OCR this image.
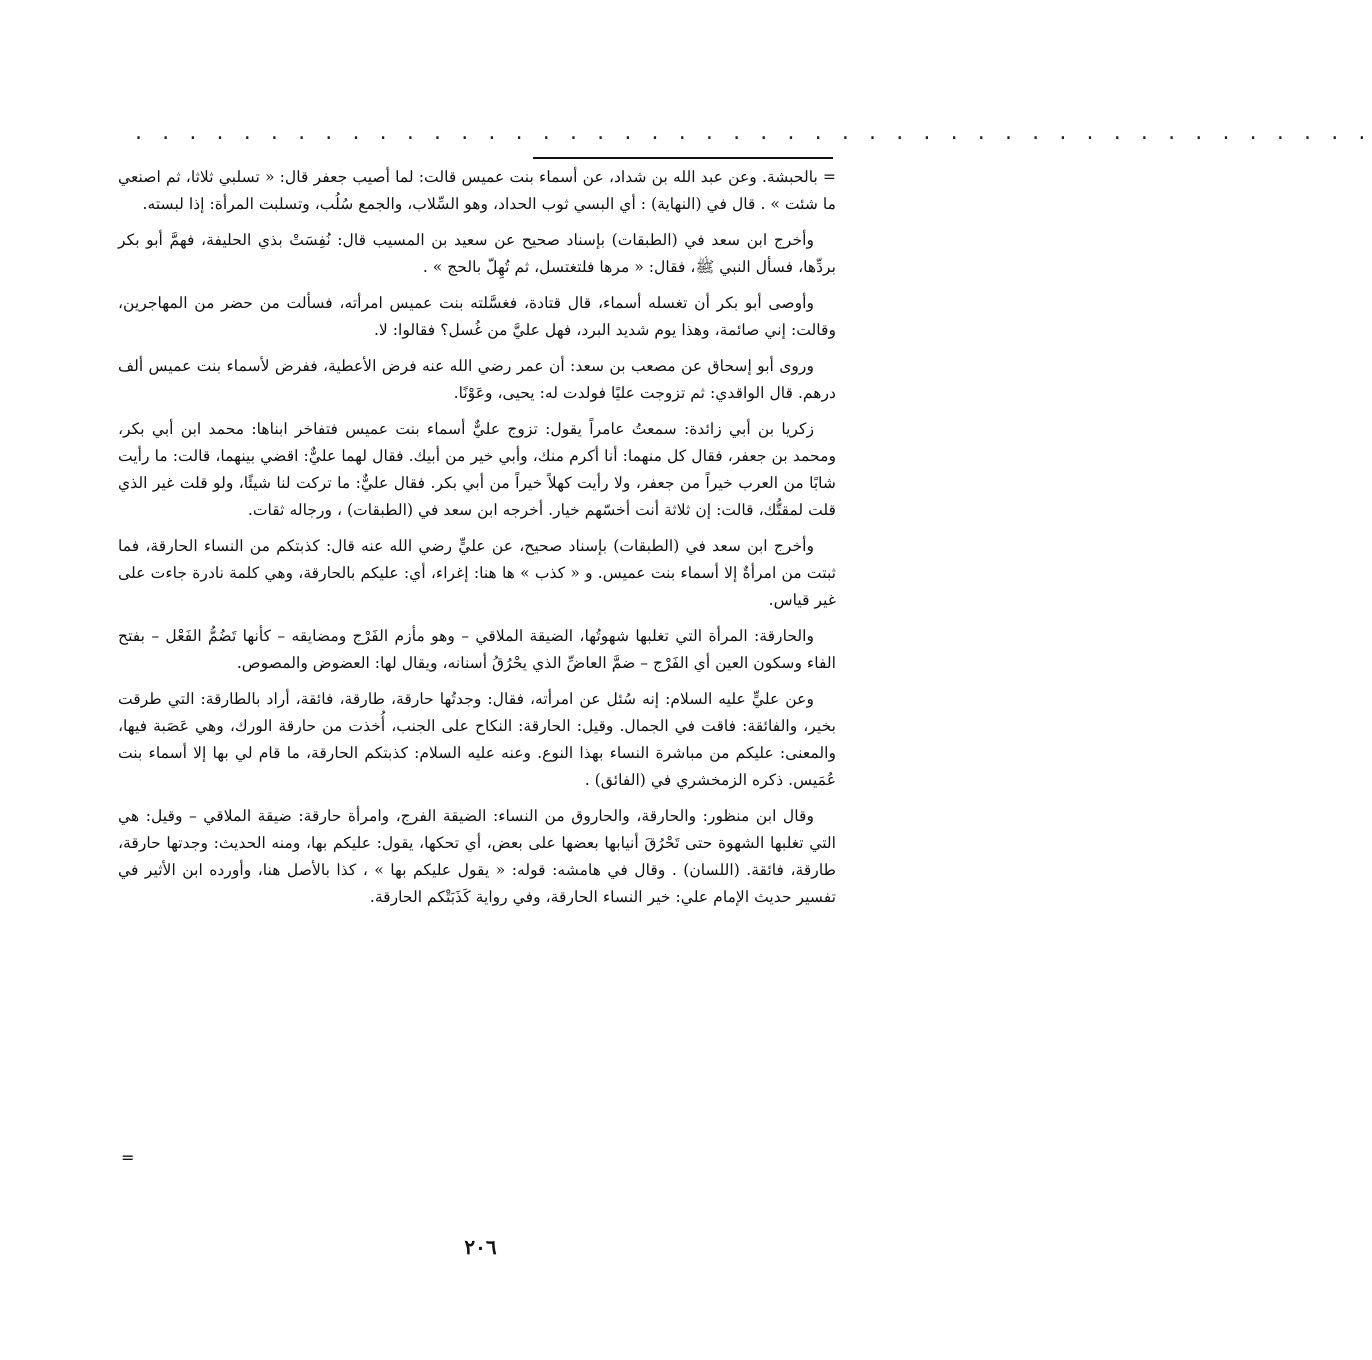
. . . . . . . . . . . . . . . . . . . . . . . . . . . . . . . . . . . . . . . . . . . . . .

= بالحبشة. وعن عبد الله بن شداد، عن أسماء بنت عميس قالت: لما أصيب جعفر قال: « تسلبي ثلاثا، ثم اصنعي ما شئت » . قال في (النهاية) : أي البسي ثوب الحداد، وهو السِّلاب، والجمع سُلُب، وتسلبت المرأة: إذا لبسته.

وأخرج ابن سعد في (الطبقات) بإسناد صحيح عن سعيد بن المسيب قال: نُفِسَتْ بذي الحليفة، فهمَّ أبو بكر بردِّها، فسأل النبي ﷺ، فقال: « مرها فلتغتسل، ثم تُهِلّ بالحج » .

وأوصى أبو بكر أن تغسله أسماء، قال قتادة، فغسَّلته بنت عميس امرأته، فسألت من حضر من المهاجرين، وقالت: إني صائمة، وهذا يوم شديد البرد، فهل عليَّ من غُسل؟ فقالوا: لا.

وروى أبو إسحاق عن مصعب بن سعد: أن عمر رضي الله عنه فرض الأعطية، ففرض لأسماء بنت عميس ألف درهم. قال الواقدي: ثم تزوجت عليًا فولدت له: يحيى، وعَوْنًا.

زكريا بن أبي زائدة: سمعتُ عامراً يقول: تزوج عليٌّ أسماء بنت عميس فتفاخر ابناها: محمد ابن أبي بكر، ومحمد بن جعفر، فقال كل منهما: أنا أكرم منك، وأبي خير من أبيك. فقال لهما عليٌّ: اقضي بينهما، قالت: ما رأيت شابًا من العرب خيراً من جعفر، ولا رأيت كهلاً خيراً من أبي بكر. فقال عليٌّ: ما تركت لنا شيئًا، ولو قلت غير الذي قلت لمقتُّك، قالت: إن ثلاثة أنت أخسّهم خيار. أخرجه ابن سعد في (الطبقات) ، ورجاله ثقات.

وأخرج ابن سعد في (الطبقات) بإسناد صحيح، عن عليٍّ رضي الله عنه قال: كذبتكم من النساء الحارقة، فما ثبتت من امرأةٌ إلا أسماء بنت عميس. و « كذب » ها هنا: إغراء، أي: عليكم بالحارقة، وهي كلمة نادرة جاءت على غير قياس.

والحارقة: المرأة التي تغلبها شهوتُها، الضيقة الملاقي – وهو مأزم الفَرْج ومضايقه – كأنها تَضُمُّ الفَعْل – بفتح الفاء وسكون العين أي الفَرْج – ضمَّ العاضِّ الذي يحْرُقُ أسنانه، ويقال لها: العضوض والمصوص.

وعن عليٍّ عليه السلام: إنه سُئل عن امرأته، فقال: وجدتُها حارقة، طارقة، فائقة، أراد بالطارقة: التي طرقت بخير، والفائقة: فاقت في الجمال. وقيل: الحارقة: النكاح على الجنب، أُخذت من حارقة الورك، وهي عَصَبة فيها، والمعنى: عليكم من مباشرة النساء بهذا النوع. وعنه عليه السلام: كذبتكم الحارقة، ما قام لي بها إلا أسماء بنت عُمَيس. ذكره الزمخشري في (الفائق) .

وقال ابن منظور: والحارقة، والحاروق من النساء: الضيقة الفرج، وامرأة حارقة: ضيقة الملاقي – وقيل: هي التي تغلبها الشهوة حتى تَحْرُقَ أنيابها بعضها على بعض، أي تحكها، يقول: عليكم بها، ومنه الحديث: وجدتها حارقة، طارقة، فائقة. (اللسان) . وقال في هامشه: قوله: « يقول عليكم بها » ، كذا بالأصل هنا، وأورده ابن الأثير في تفسير حديث الإمام علي: خير النساء الحارقة، وفي رواية كَذَبَتْكم الحارقة.

=
٢٠٦
